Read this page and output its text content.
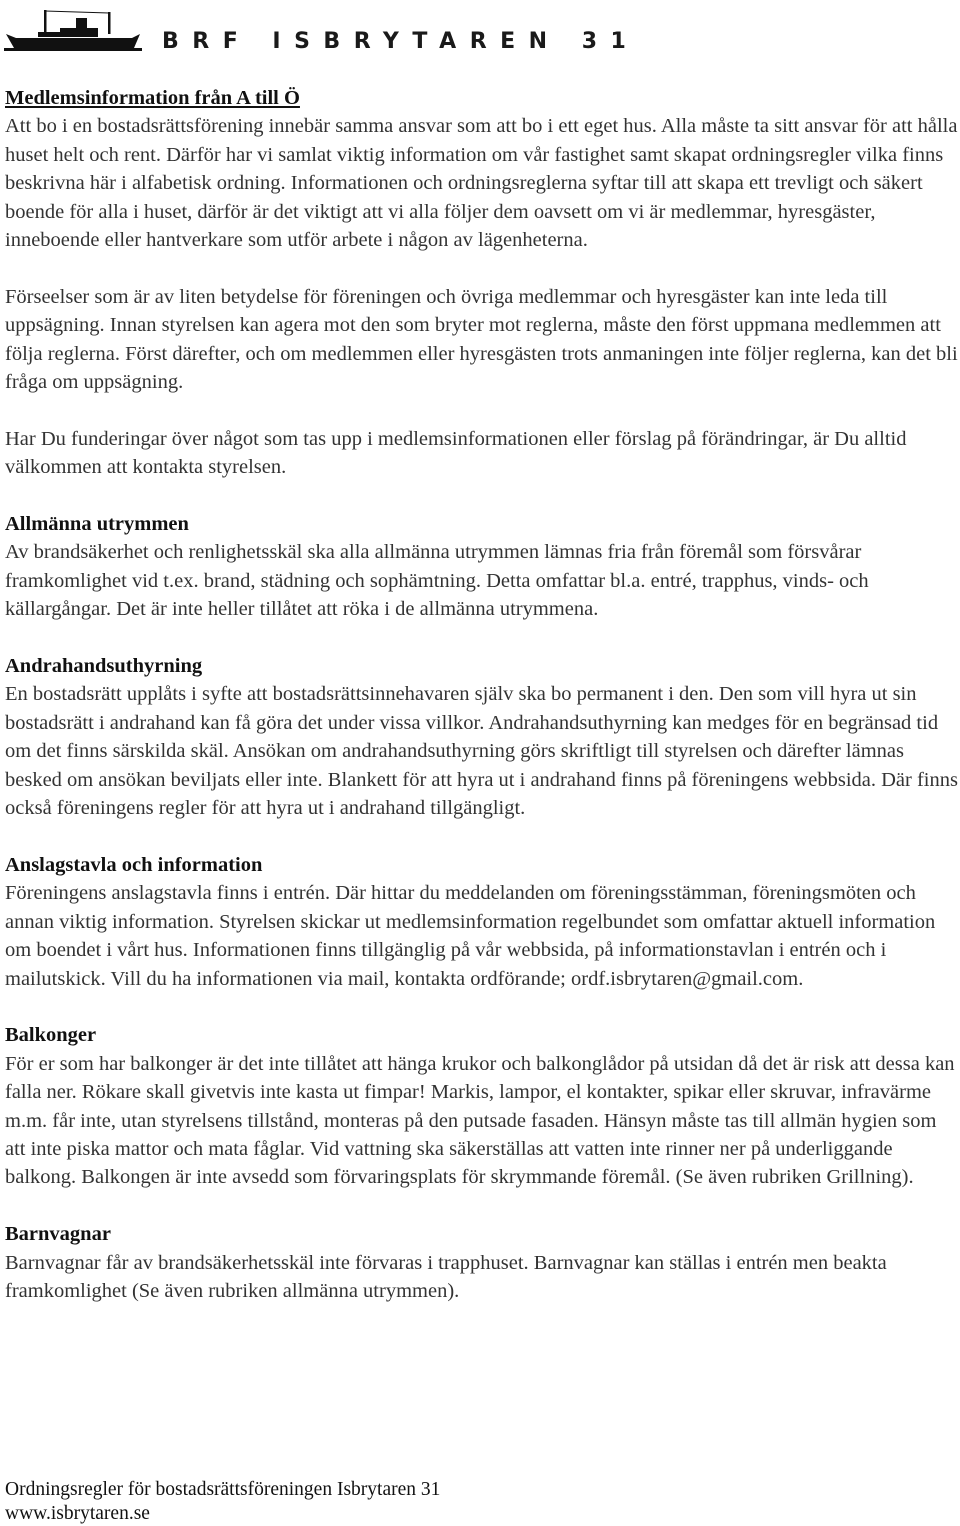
BRF ISBRYTAREN 31
Medlemsinformation från A till Ö

Att bo i en bostadsrättsförening innebär samma ansvar som att bo i ett eget hus. Alla måste ta sitt ansvar för att hålla huset helt och rent. Därför har vi samlat viktig information om vår fastighet samt skapat ordningsregler vilka finns beskrivna här i alfabetisk ordning. Informationen och ordningsreglerna syftar till att skapa ett trevligt och säkert boende för alla i huset, därför är det viktigt att vi alla följer dem oavsett om vi är medlemmar, hyresgäster, inneboende eller hantverkare som utför arbete i någon av lägenheterna.

Förseelser som är av liten betydelse för föreningen och övriga medlemmar och hyresgäster kan inte leda till uppsägning. Innan styrelsen kan agera mot den som bryter mot reglerna, måste den först uppmana medlemmen att följa reglerna. Först därefter, och om medlemmen eller hyresgästen trots anmaningen inte följer reglerna, kan det bli fråga om uppsägning.

Har Du funderingar över något som tas upp i medlemsinformationen eller förslag på förändringar, är Du alltid välkommen att kontakta styrelsen.

Allmänna utrymmen

Av brandsäkerhet och renlighetsskäl ska alla allmänna utrymmen lämnas fria från föremål som försvårar framkomlighet vid t.ex. brand, städning och sophämtning. Detta omfattar bl.a. entré, trapphus, vinds- och källargångar. Det är inte heller tillåtet att röka i de allmänna utrymmena.

Andrahandsuthyrning

En bostadsrätt upplåts i syfte att bostadsrättsinnehavaren själv ska bo permanent i den. Den som vill hyra ut sin bostadsrätt i andrahand kan få göra det under vissa villkor. Andrahandsuthyrning kan medges för en begränsad tid om det finns särskilda skäl. Ansökan om andrahandsuthyrning görs skriftligt till styrelsen och därefter lämnas besked om ansökan beviljats eller inte. Blankett för att hyra ut i andrahand finns på föreningens webbsida. Där finns också föreningens regler för att hyra ut i andrahand tillgängligt.

Anslagstavla och information

Föreningens anslagstavla finns i entrén. Där hittar du meddelanden om föreningsstämman, föreningsmöten och annan viktig information. Styrelsen skickar ut medlemsinformation regelbundet som omfattar aktuell information om boendet i vårt hus. Informationen finns tillgänglig på vår webbsida, på informationstavlan i entrén och i mailutskick. Vill du ha informationen via mail, kontakta ordförande; ordf.isbrytaren@gmail.com.

Balkonger

För er som har balkonger är det inte tillåtet att hänga krukor och balkonglådor på utsidan då det är risk att dessa kan falla ner. Rökare skall givetvis inte kasta ut fimpar! Markis, lampor, el kontakter, spikar eller skruvar, infravärme m.m. får inte, utan styrelsens tillstånd, monteras på den putsade fasaden. Hänsyn måste tas till allmän hygien som att inte piska mattor och mata fåglar. Vid vattning ska säkerställas att vatten inte rinner ner på underliggande balkong. Balkongen är inte avsedd som förvaringsplats för skrymmande föremål. (Se även rubriken Grillning).

Barnvagnar

Barnvagnar får av brandsäkerhetsskäl inte förvaras i trapphuset. Barnvagnar kan ställas i entrén men beakta framkomlighet (Se även rubriken allmänna utrymmen).

Ordningsregler för bostadsrättsföreningen Isbrytaren 31
www.isbrytaren.se
